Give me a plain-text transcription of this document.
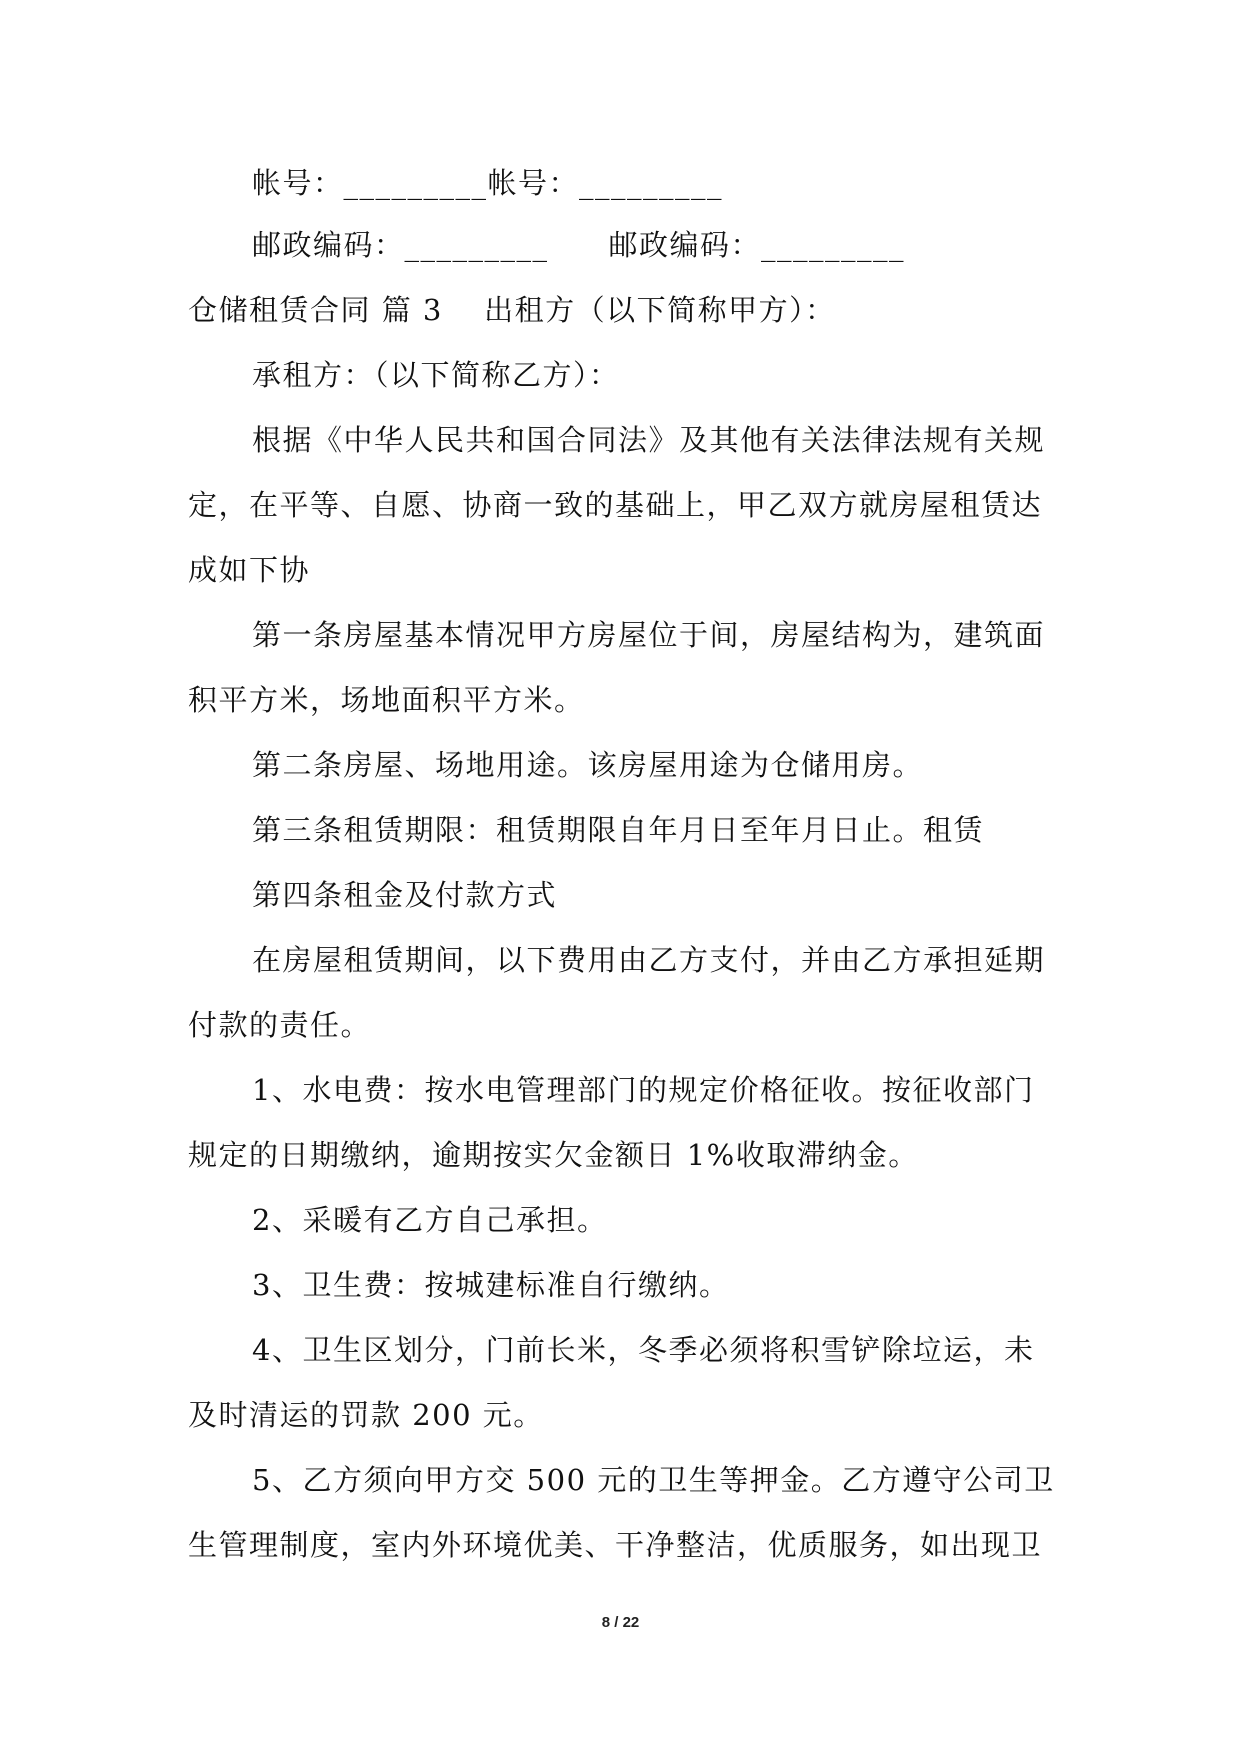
帐号：_________帐号：_________

邮政编码：_________ 邮政编码：_________

仓储租赁合同 篇 3 　出租方（以下简称甲方）：

承租方：（以下简称乙方）：

根据《中华人民共和国合同法》及其他有关法律法规有关规

定，在平等、自愿、协商一致的基础上，甲乙双方就房屋租赁达

成如下协

第一条房屋基本情况甲方房屋位于间，房屋结构为，建筑面

积平方米，场地面积平方米。

第二条房屋、场地用途。该房屋用途为仓储用房。

第三条租赁期限：租赁期限自年月日至年月日止。租赁

第四条租金及付款方式

在房屋租赁期间，以下费用由乙方支付，并由乙方承担延期

付款的责任。

1、水电费：按水电管理部门的规定价格征收。按征收部门

规定的日期缴纳，逾期按实欠金额日 1%收取滞纳金。

2、采暖有乙方自己承担。

3、卫生费：按城建标准自行缴纳。

4、卫生区划分，门前长米，冬季必须将积雪铲除垃运，未

及时清运的罚款 200 元。

5、乙方须向甲方交 500 元的卫生等押金。乙方遵守公司卫

生管理制度，室内外环境优美、干净整洁，优质服务，如出现卫

8 / 22
